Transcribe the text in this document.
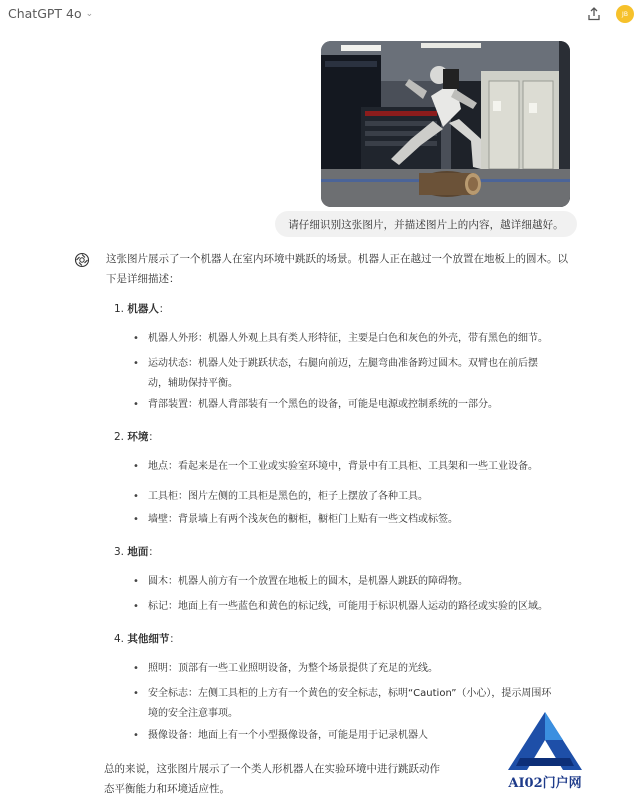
ChatGPT 4o ⌄	JB
请仔细识别这张图片，并描述图片上的内容，越详细越好。

这张图片展示了一个机器人在室内环境中跳跃的场景。机器人正在越过一个放置在地板上的圆木。以
下是详细描述：

1. 机器人：
• 机器人外形：机器人外观上具有类人形特征，主要是白色和灰色的外壳，带有黑色的细节。
• 运动状态：机器人处于跳跃状态，右腿向前迈，左腿弯曲准备跨过圆木。双臂也在前后摆
动，辅助保持平衡。
• 背部装置：机器人背部装有一个黑色的设备，可能是电源或控制系统的一部分。
2. 环境：
• 地点：看起来是在一个工业或实验室环境中，背景中有工具柜、工具架和一些工业设备。
• 工具柜：图片左侧的工具柜是黑色的，柜子上摆放了各种工具。
• 墙壁：背景墙上有两个浅灰色的橱柜，橱柜门上贴有一些文档或标签。
3. 地面：
• 圆木：机器人前方有一个放置在地板上的圆木，是机器人跳跃的障碍物。
• 标记：地面上有一些蓝色和黄色的标记线，可能用于标识机器人运动的路径或实验的区域。
4. 其他细节：
• 照明：顶部有一些工业照明设备，为整个场景提供了充足的光线。
• 安全标志：左侧工具柜的上方有一个黄色的安全标志，标明“Caution”（小心），提示周围环
境的安全注意事项。
• 摄像设备：地面上有一个小型摄像设备，可能是用于记录机器人
总的来说，这张图片展示了一个类人形机器人在实验环境中进行跳跃动作
态平衡能力和环境适应性。	AI02门户网
